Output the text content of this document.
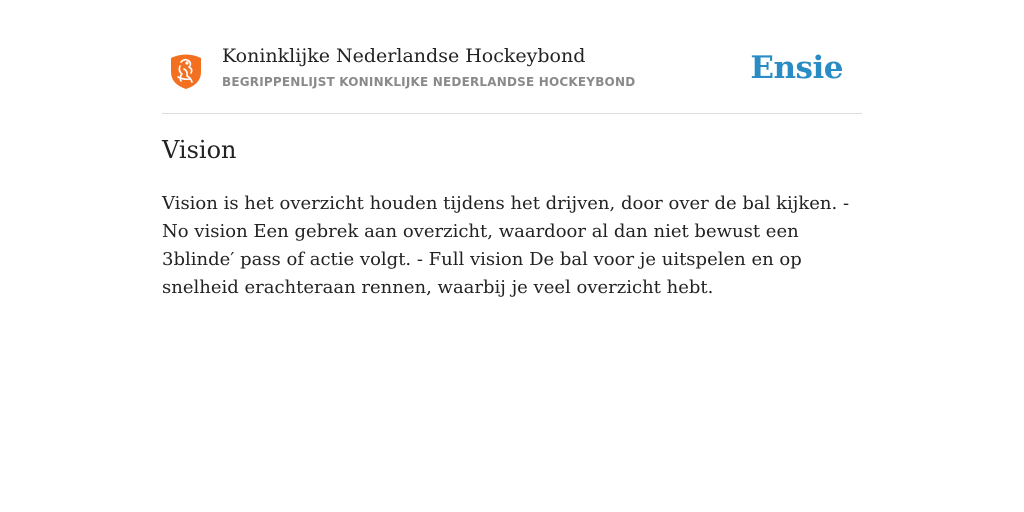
Koninklijke Nederlandse Hockeybond
BEGRIPPENLIJST KONINKLIJKE NEDERLANDSE HOCKEYBOND	Ensie
Vision

Vision is het overzicht houden tijdens het drijven, door over de bal kijken. - No vision Een gebrek aan overzicht, waardoor al dan niet bewust een 3blinde′ pass of actie volgt. - Full vision De bal voor je uitspelen en op snelheid erachteraan rennen, waarbij je veel overzicht hebt.
